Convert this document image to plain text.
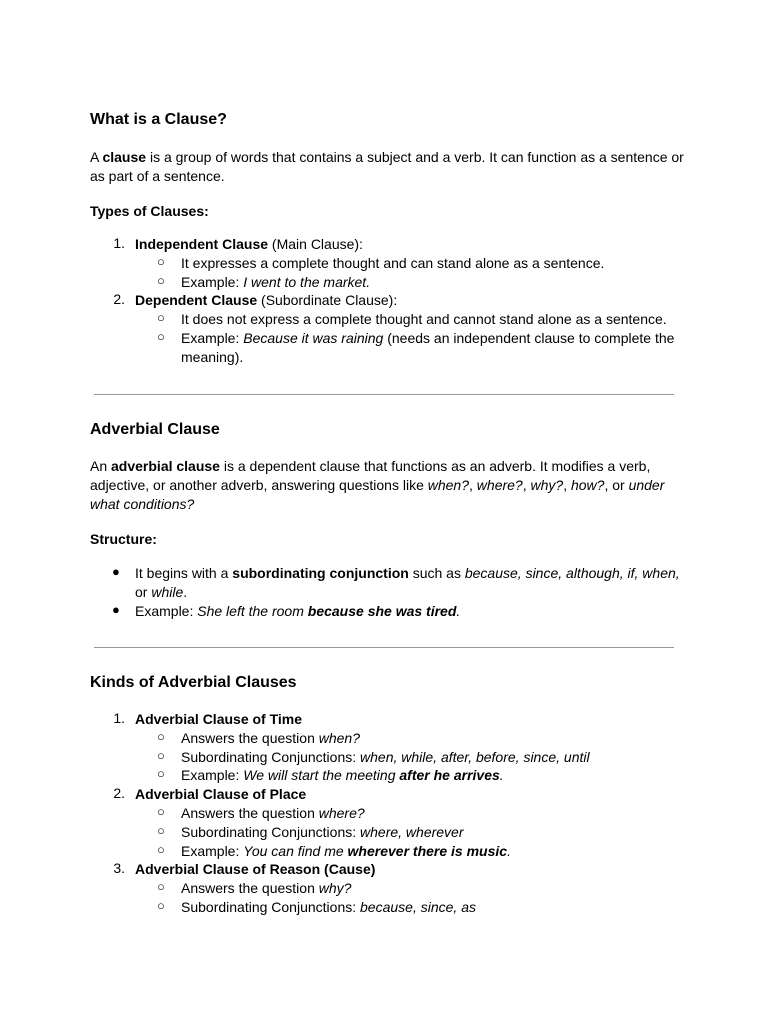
What is a Clause?
A clause is a group of words that contains a subject and a verb. It can function as a sentence or
as part of a sentence.
Types of Clauses:
1. Independent Clause (Main Clause):
○ It expresses a complete thought and can stand alone as a sentence.
○ Example: I went to the market.
2. Dependent Clause (Subordinate Clause):
○ It does not express a complete thought and cannot stand alone as a sentence.
○ Example: Because it was raining (needs an independent clause to complete the
meaning).
Adverbial Clause
An adverbial clause is a dependent clause that functions as an adverb. It modifies a verb,
adjective, or another adverb, answering questions like when?, where?, why?, how?, or under
what conditions?
Structure:
● It begins with a subordinating conjunction such as because, since, although, if, when,
or while.
● Example: She left the room because she was tired.
Kinds of Adverbial Clauses
1. Adverbial Clause of Time
○ Answers the question when?
○ Subordinating Conjunctions: when, while, after, before, since, until
○ Example: We will start the meeting after he arrives.
2. Adverbial Clause of Place
○ Answers the question where?
○ Subordinating Conjunctions: where, wherever
○ Example: You can find me wherever there is music.
3. Adverbial Clause of Reason (Cause)
○ Answers the question why?
○ Subordinating Conjunctions: because, since, as
